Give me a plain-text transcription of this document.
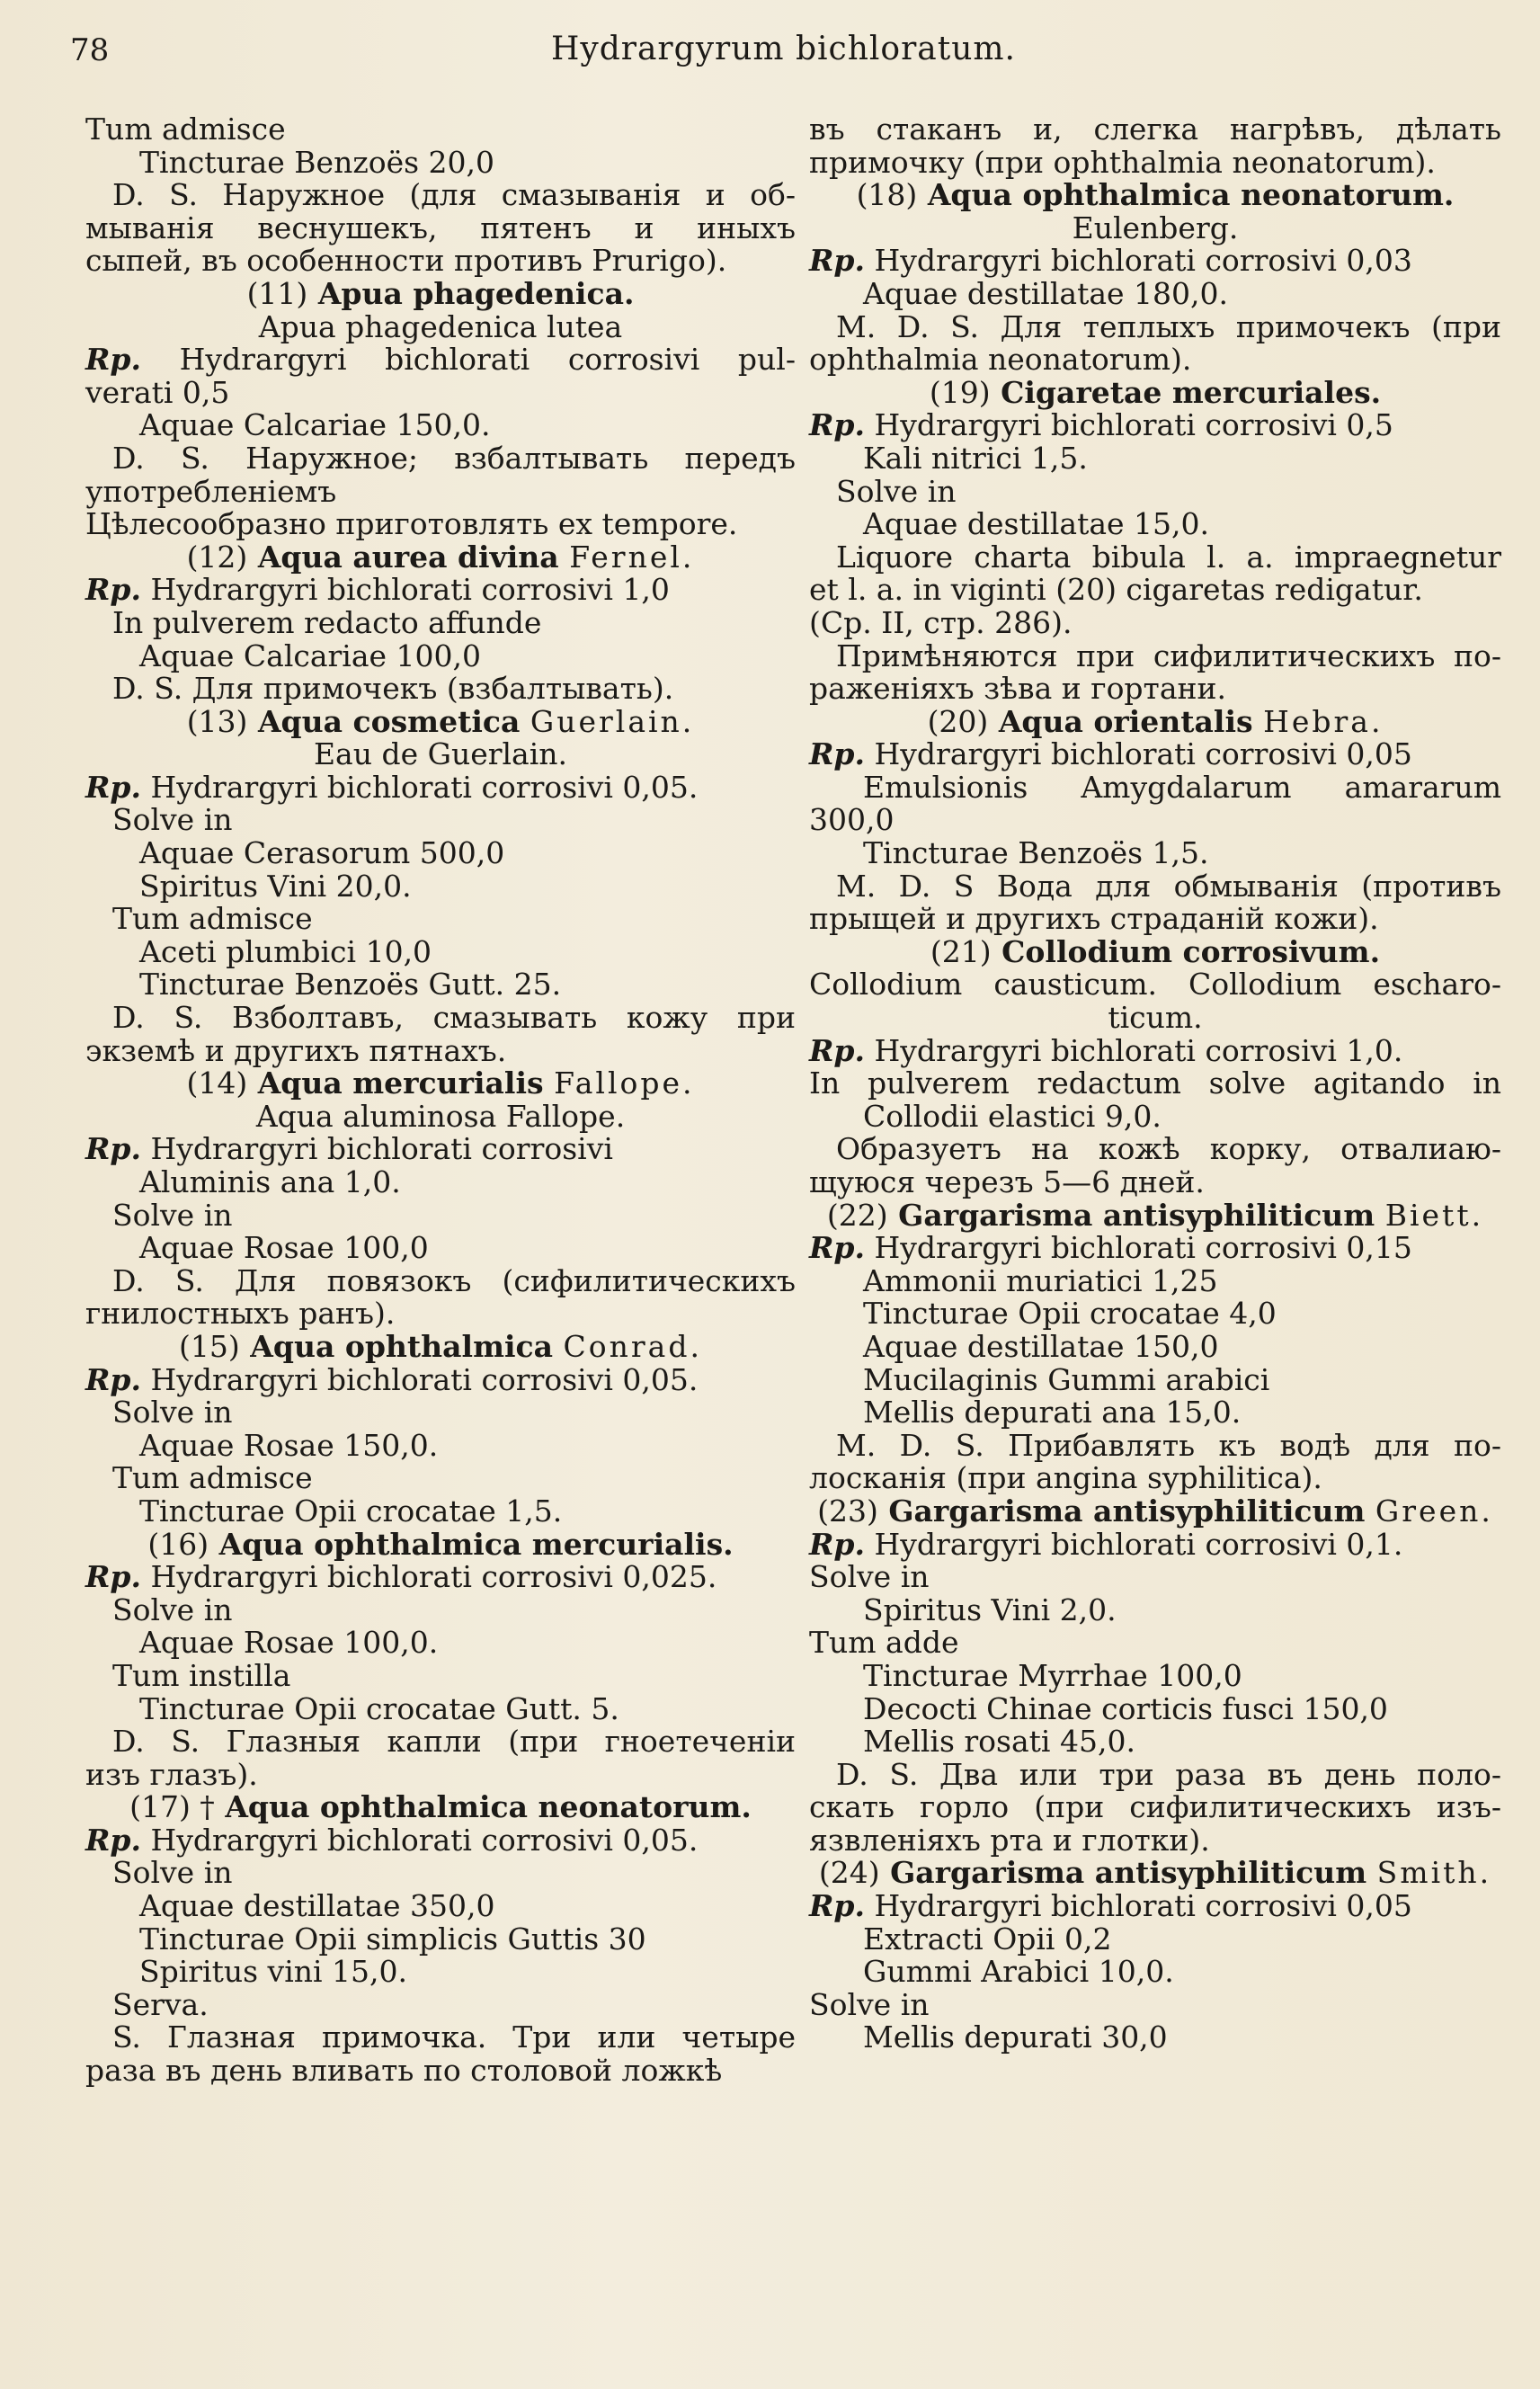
78	Hydrargyrum bichloratum.
Tum admisce
Tincturae Benzoës 20,0
D. S. Наружное (для смазыванія и об-
мыванія веснушекъ, пятенъ и иныхъ
сыпей, въ особенности противъ Prurigo).
(11) Apua phagedenica.
Apua phagedenica lutea
Rp. Hydrargyri bichlorati corrosivi pul-
verati 0,5
Aquae Calcariae 150,0.
D. S. Наружное; взбалтывать передъ
употребленіемъ
Цѣлесообразно приготовлять ex tempore.
(12) Aqua aurea divina Fernel.
Rp. Hydrargyri bichlorati corrosivi 1,0
In pulverem redacto affunde
Aquae Calcariae 100,0
D. S. Для примочекъ (взбалтывать).
(13) Aqua cosmetica Guerlain.
Eau de Guerlain.
Rp. Hydrargyri bichlorati corrosivi 0,05.
Solve in
Aquae Cerasorum 500,0
Spiritus Vini 20,0.
Tum admisce
Aceti plumbici 10,0
Tincturae Benzoës Gutt. 25.
D. S. Взболтавъ, смазывать кожу при
экземѣ и другихъ пятнахъ.
(14) Aqua mercurialis Fallope.
Aqua aluminosa Fallope.
Rp. Hydrargyri bichlorati corrosivi
Aluminis ana 1,0.
Solve in
Aquae Rosae 100,0
D. S. Для повязокъ (сифилитическихъ
гнилостныхъ ранъ).
(15) Aqua ophthalmica Conrad.
Rp. Hydrargyri bichlorati corrosivi 0,05.
Solve in
Aquae Rosae 150,0.
Tum admisce
Tincturae Opii crocatae 1,5.
(16) Aqua ophthalmica mercurialis.
Rp. Hydrargyri bichlorati corrosivi 0,025.
Solve in
Aquae Rosae 100,0.
Tum instilla
Tincturae Opii crocatae Gutt. 5.
D. S. Глазныя капли (при гноетеченіи
изъ глазъ).
(17) † Aqua ophthalmica neonatorum.
Rp. Hydrargyri bichlorati corrosivi 0,05.
Solve in
Aquae destillatae 350,0
Tincturae Opii simplicis Guttis 30
Spiritus vini 15,0.
Serva.
S. Глазная примочка. Три или четыре
раза въ день вливать по столовой ложкѣ
въ стаканъ и, слегка нагрѣвъ, дѣлать
примочку (при ophthalmia neonatorum).
(18) Aqua ophthalmica neonatorum.
Eulenberg.
Rp. Hydrargyri bichlorati corrosivi 0,03
Aquae destillatae 180,0.
M. D. S. Для теплыхъ примочекъ (при
ophthalmia neonatorum).
(19) Cigaretae mercuriales.
Rp. Hydrargyri bichlorati corrosivi 0,5
Kali nitrici 1,5.
Solve in
Aquae destillatae 15,0.
Liquore charta bibula l. a. impraegnetur
et l. a. in viginti (20) cigaretas redigatur.
(Cp. II, стр. 286).
Примѣняются при сифилитическихъ по-
раженіяхъ зѣва и гортани.
(20) Aqua orientalis Hebra.
Rp. Hydrargyri bichlorati corrosivi 0,05
Emulsionis Amygdalarum amararum
300,0
Tincturae Benzoës 1,5.
M. D. S Вода для обмыванія (противъ
прыщей и другихъ страданій кожи).
(21) Collodium corrosivum.
Collodium causticum. Collodium escharo-
ticum.
Rp. Hydrargyri bichlorati corrosivi 1,0.
In pulverem redactum solve agitando in
Collodii elastici 9,0.
Образуетъ на кожѣ корку, отвалиаю-
щуюся черезъ 5—6 дней.
(22) Gargarisma antisyphiliticum Biett.
Rp. Hydrargyri bichlorati corrosivi 0,15
Ammonii muriatici 1,25
Tincturae Opii crocatae 4,0
Aquae destillatae 150,0
Mucilaginis Gummi arabici
Mellis depurati ana 15,0.
M. D. S. Прибавлять къ водѣ для по-
лосканія (при angina syphilitica).
(23) Gargarisma antisyphiliticum Green.
Rp. Hydrargyri bichlorati corrosivi 0,1.
Solve in
Spiritus Vini 2,0.
Tum adde
Tincturae Myrrhae 100,0
Decocti Chinae corticis fusci 150,0
Mellis rosati 45,0.
D. S. Два или три раза въ день поло-
скать горло (при сифилитическихъ изъ-
язвленіяхъ рта и глотки).
(24) Gargarisma antisyphiliticum Smith.
Rp. Hydrargyri bichlorati corrosivi 0,05
Extracti Opii 0,2
Gummi Arabici 10,0.
Solve in
Mellis depurati 30,0
